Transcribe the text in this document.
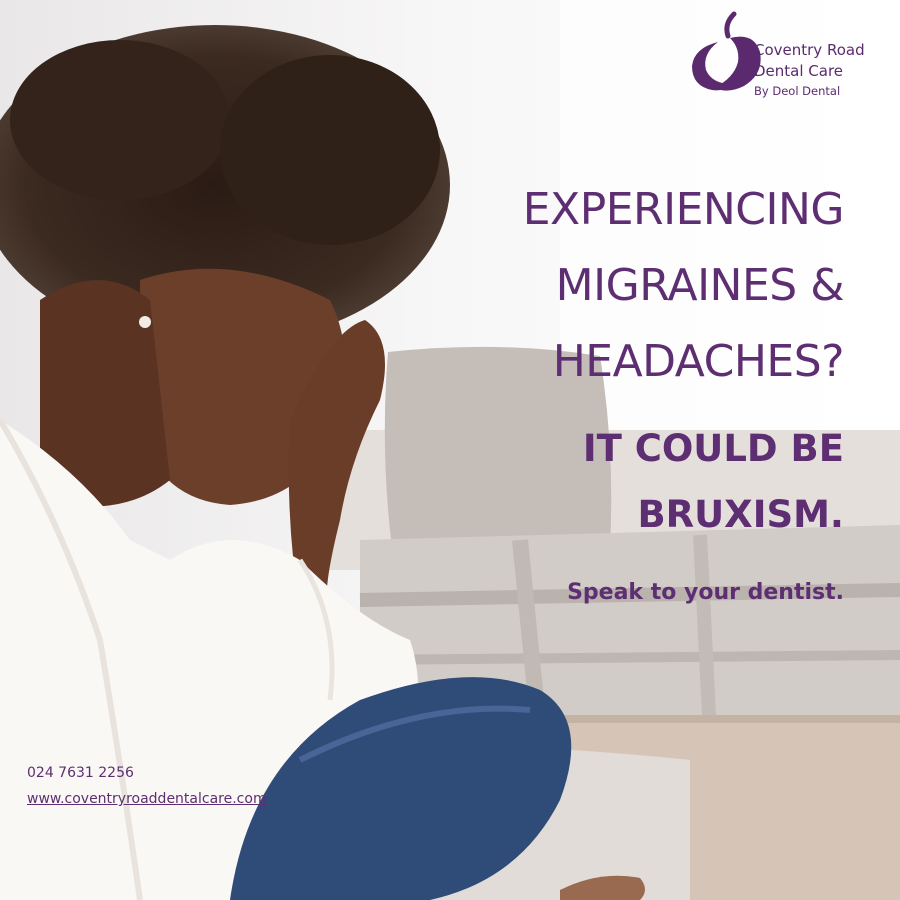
Coventry Road
Dental Care
By Deol Dental
EXPERIENCING
MIGRAINES &
HEADACHES?
IT COULD BE
BRUXISM.
Speak to your dentist.
024 7631 2256
www.coventryroaddentalcare.com
